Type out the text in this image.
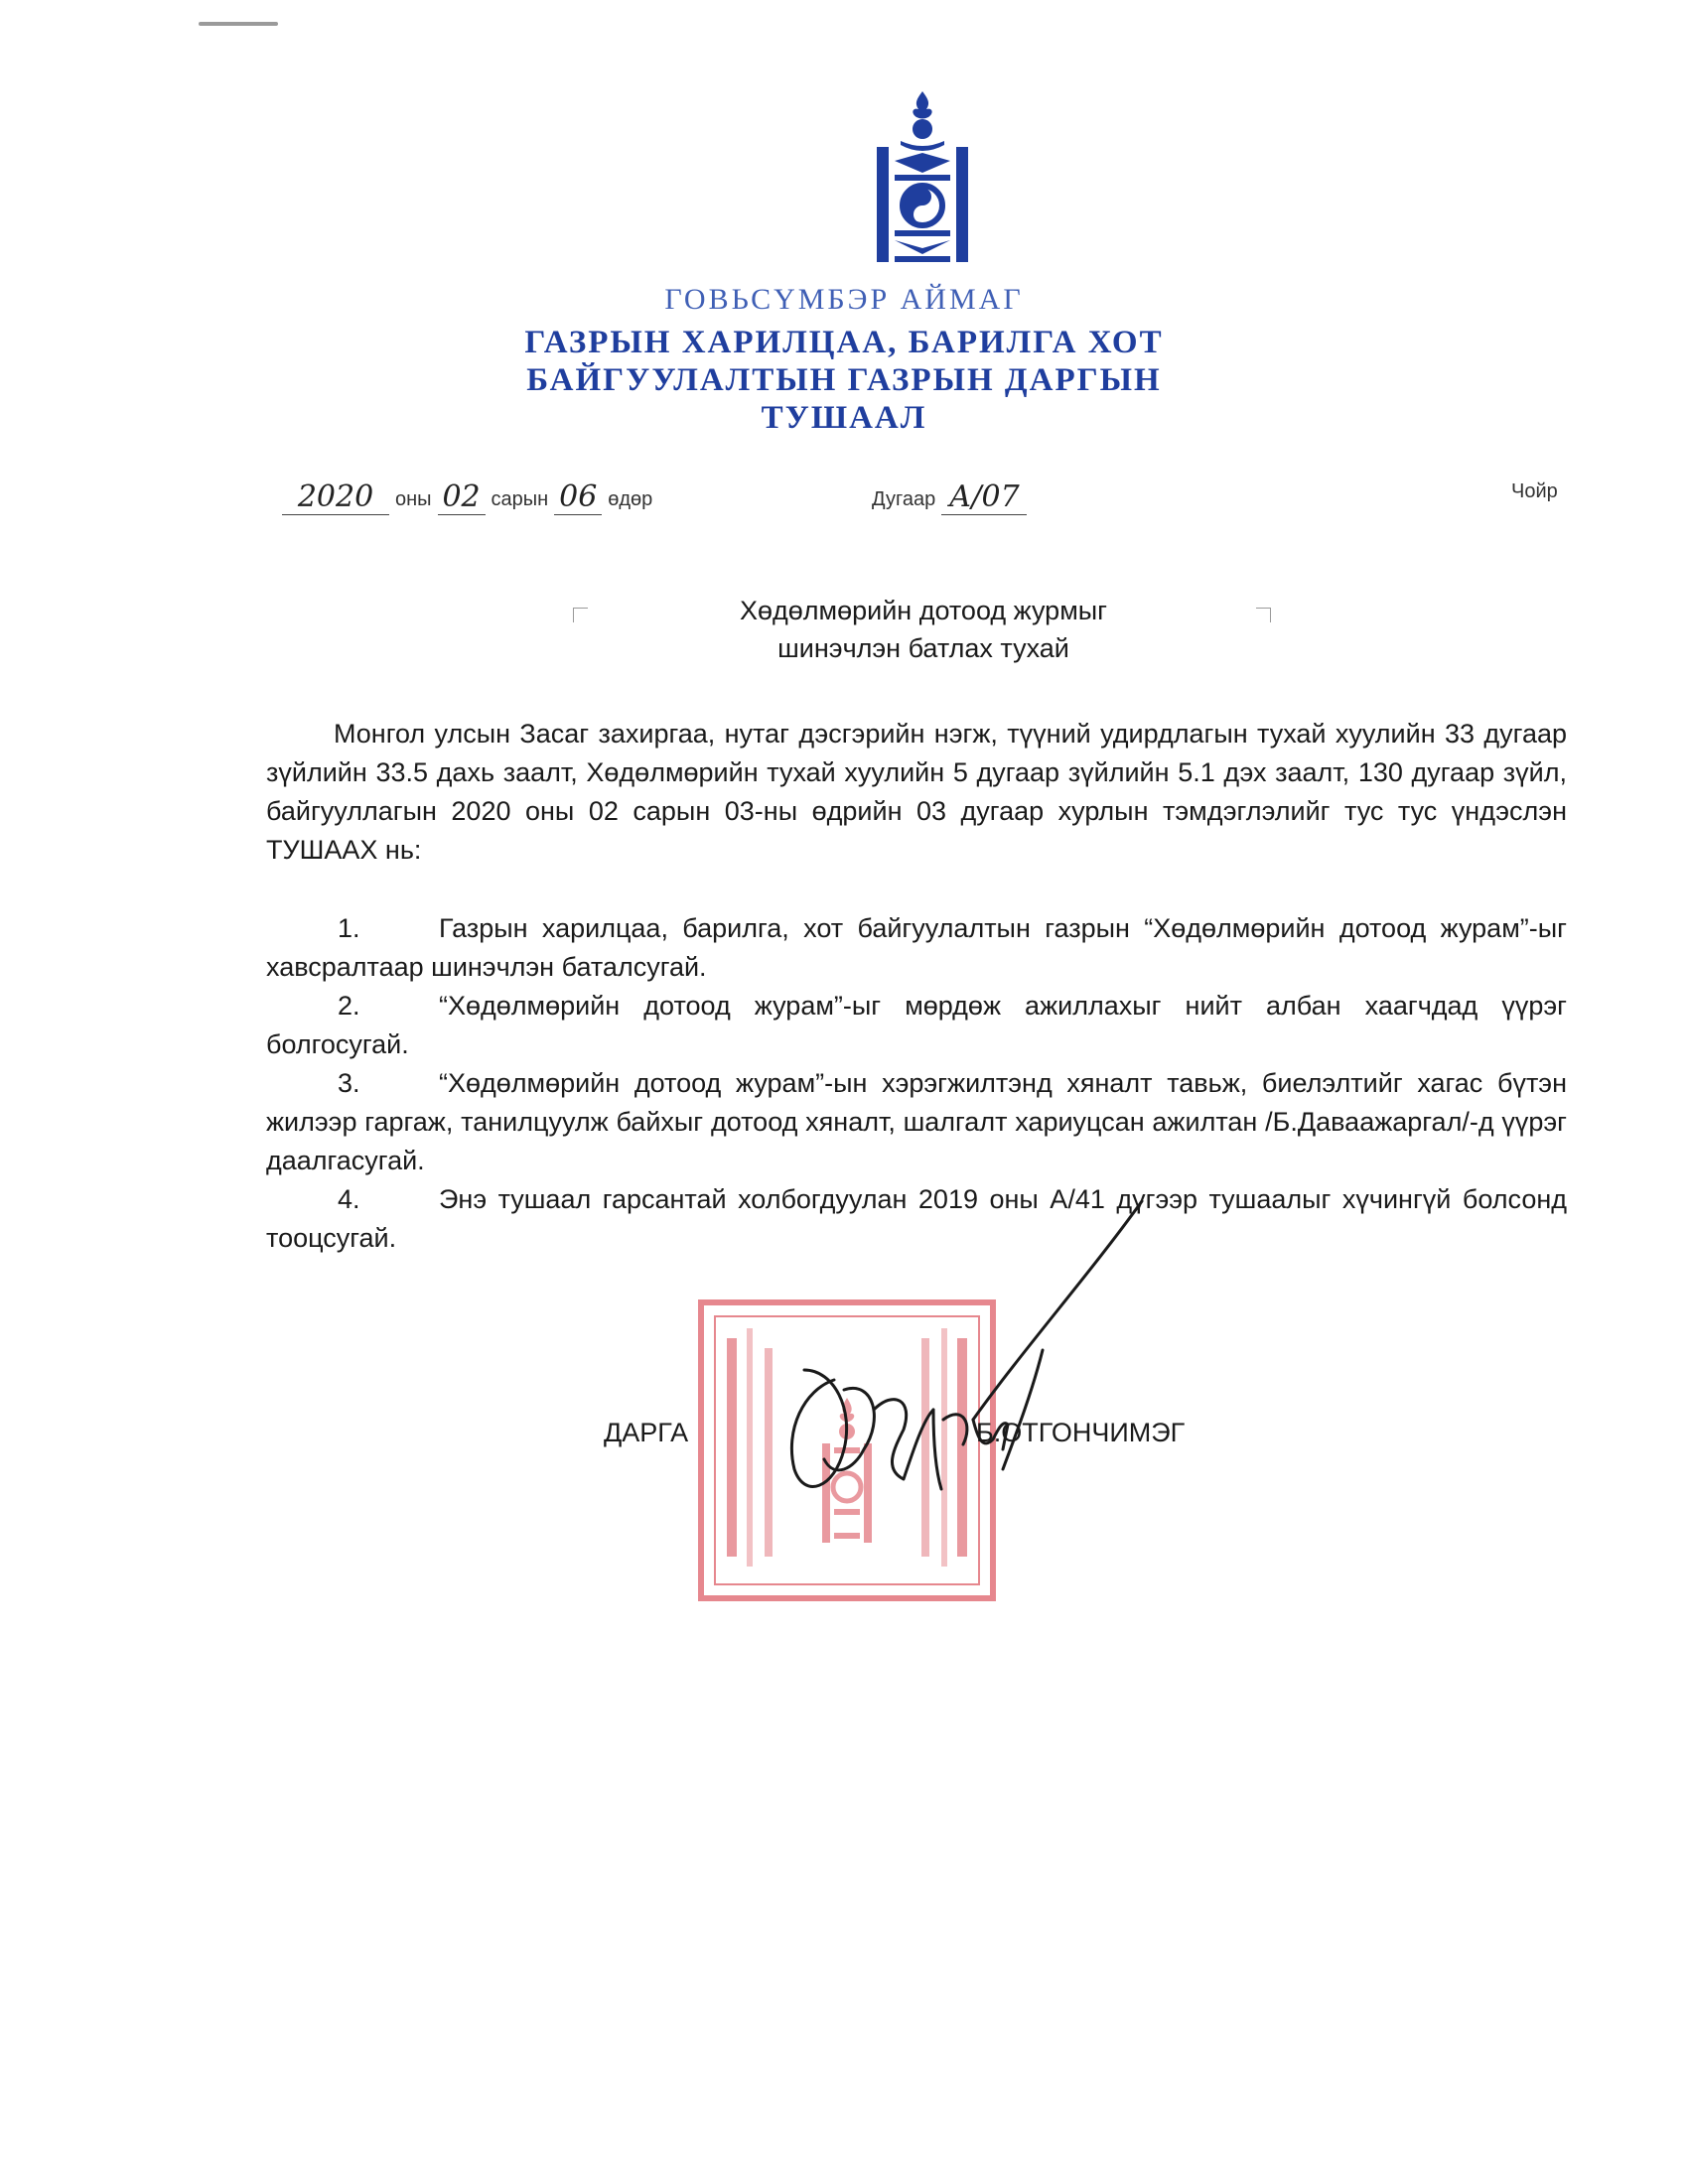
ГОВЬСҮМБЭР АЙМАГ
ГАЗРЫН ХАРИЛЦАА, БАРИЛГА ХОТ
БАЙГУУЛАЛТЫН ГАЗРЫН ДАРГЫН
ТУШААЛ
2020 оны 02 сарын 06 өдөр	Дугаар А/07	Чойр
Хөдөлмөрийн дотоод журмыг
шинэчлэн батлах тухай

Монгол улсын Засаг захиргаа, нутаг дэсгэрийн нэгж, түүний удирдлагын тухай хуулийн 33 дугаар зүйлийн 33.5 дахь заалт, Хөдөлмөрийн тухай хуулийн 5 дугаар зүйлийн 5.1 дэх заалт, 130 дугаар зүйл, байгууллагын 2020 оны 02 сарын 03-ны өдрийн 03 дугаар хурлын тэмдэглэлийг тус тус үндэслэн ТУШААХ нь:

1.	Газрын харилцаа, барилга, хот байгуулалтын газрын “Хөдөлмөрийн дотоод журам”-ыг хавсралтаар шинэчлэн баталсугай.

2.	“Хөдөлмөрийн дотоод журам”-ыг мөрдөж ажиллахыг нийт албан хаагчдад үүрэг болгосугай.

3.	“Хөдөлмөрийн дотоод журам”-ын хэрэгжилтэнд хяналт тавьж, биелэлтийг хагас бүтэн жилээр гаргаж, танилцуулж байхыг дотоод хяналт, шалгалт хариуцсан ажилтан /Б.Даваажаргал/-д үүрэг даалгасугай.

4.	Энэ тушаал гарсантай холбогдуулан 2019 оны А/41 дүгээр тушаалыг хүчингүй болсонд тооцсугай.

ДАРГА	Б.ОТГОНЧИМЭГ
